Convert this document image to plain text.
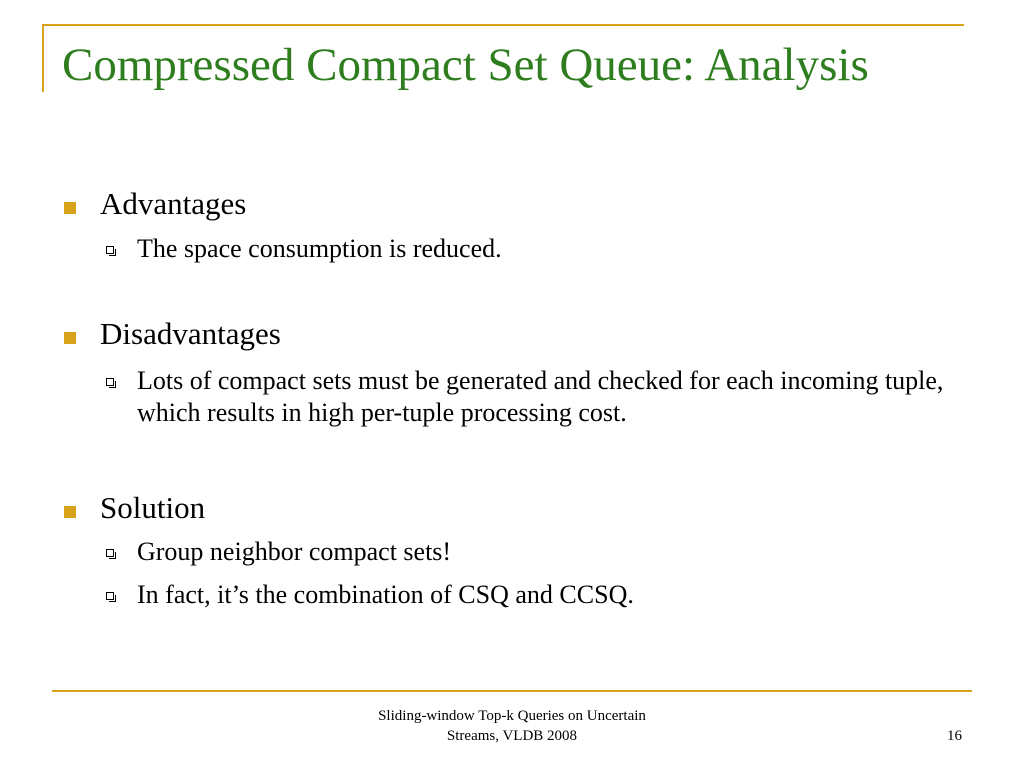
Compressed Compact Set Queue: Analysis
Advantages
The space consumption is reduced.
Disadvantages
Lots of compact sets must be generated and checked for each incoming tuple, which results in high per-tuple processing cost.
Solution
Group neighbor compact sets!
In fact, it’s the combination of CSQ and CCSQ.
Sliding-window Top-k Queries on Uncertain
Streams, VLDB 2008	16
